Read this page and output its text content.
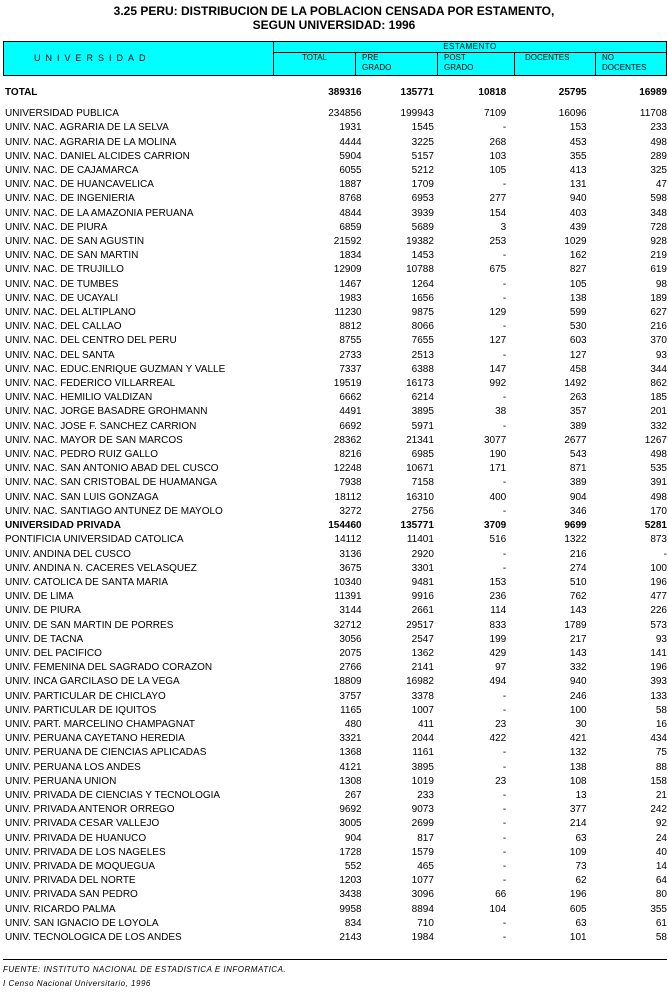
3.25 PERU: DISTRIBUCION DE LA POBLACION CENSADA POR ESTAMENTO,
SEGUN UNIVERSIDAD: 1996
UNIVERSIDAD
ESTAMENTO
TOTAL	PRE
GRADO
POST
GRADO
DOCENTES	NO
DOCENTES
TOTAL	389316	135771	10818	25795	16989

UNIVERSIDAD PUBLICA	234856	199943	7109	16096	11708
UNIV. NAC. AGRARIA DE LA SELVA	1931	1545	-	153	233
UNIV. NAC. AGRARIA DE LA MOLINA	4444	3225	268	453	498
UNIV. NAC. DANIEL ALCIDES CARRION	5904	5157	103	355	289
UNIV. NAC. DE CAJAMARCA	6055	5212	105	413	325
UNIV. NAC. DE HUANCAVELICA	1887	1709	-	131	47
UNIV. NAC. DE INGENIERIA	8768	6953	277	940	598
UNIV. NAC. DE LA AMAZONIA PERUANA	4844	3939	154	403	348
UNIV. NAC. DE PIURA	6859	5689	3	439	728
UNIV. NAC. DE SAN AGUSTIN	21592	19382	253	1029	928
UNIV. NAC. DE SAN MARTIN	1834	1453	-	162	219
UNIV. NAC. DE TRUJILLO	12909	10788	675	827	619
UNIV. NAC. DE TUMBES	1467	1264	-	105	98
UNIV. NAC. DE UCAYALI	1983	1656	-	138	189
UNIV. NAC. DEL ALTIPLANO	11230	9875	129	599	627
UNIV. NAC. DEL CALLAO	8812	8066	-	530	216
UNIV. NAC. DEL CENTRO DEL PERU	8755	7655	127	603	370
UNIV. NAC. DEL SANTA	2733	2513	-	127	93
UNIV. NAC. EDUC.ENRIQUE GUZMAN Y VALLE	7337	6388	147	458	344
UNIV. NAC. FEDERICO VILLARREAL	19519	16173	992	1492	862
UNIV. NAC. HEMILIO VALDIZAN	6662	6214	-	263	185
UNIV. NAC. JORGE BASADRE GROHMANN	4491	3895	38	357	201
UNIV. NAC. JOSE F. SANCHEZ CARRION	6692	5971	-	389	332
UNIV. NAC. MAYOR DE SAN MARCOS	28362	21341	3077	2677	1267
UNIV. NAC. PEDRO RUIZ GALLO	8216	6985	190	543	498
UNIV. NAC. SAN ANTONIO ABAD DEL CUSCO	12248	10671	171	871	535
UNIV. NAC. SAN CRISTOBAL DE HUAMANGA	7938	7158	-	389	391
UNIV. NAC. SAN LUIS GONZAGA	18112	16310	400	904	498
UNIV. NAC. SANTIAGO ANTUNEZ DE MAYOLO	3272	2756	-	346	170
UNIVERSIDAD PRIVADA	154460	135771	3709	9699	5281
PONTIFICIA UNIVERSIDAD CATOLICA	14112	11401	516	1322	873
UNIV. ANDINA DEL CUSCO	3136	2920	-	216	-
UNIV. ANDINA N. CACERES VELASQUEZ	3675	3301	-	274	100
UNIV. CATOLICA DE SANTA MARIA	10340	9481	153	510	196
UNIV. DE LIMA	11391	9916	236	762	477
UNIV. DE PIURA	3144	2661	114	143	226
UNIV. DE SAN MARTIN DE PORRES	32712	29517	833	1789	573
UNIV. DE TACNA	3056	2547	199	217	93
UNIV. DEL PACIFICO	2075	1362	429	143	141
UNIV. FEMENINA DEL SAGRADO CORAZON	2766	2141	97	332	196
UNIV. INCA GARCILASO DE LA VEGA	18809	16982	494	940	393
UNIV. PARTICULAR DE CHICLAYO	3757	3378	-	246	133
UNIV. PARTICULAR DE IQUITOS	1165	1007	-	100	58
UNIV. PART. MARCELINO CHAMPAGNAT	480	411	23	30	16
UNIV. PERUANA CAYETANO HEREDIA	3321	2044	422	421	434
UNIV. PERUANA DE CIENCIAS APLICADAS	1368	1161	-	132	75
UNIV. PERUANA LOS ANDES	4121	3895	-	138	88
UNIV. PERUANA UNION	1308	1019	23	108	158
UNIV. PRIVADA DE CIENCIAS Y TECNOLOGIA	267	233	-	13	21
UNIV. PRIVADA ANTENOR ORREGO	9692	9073	-	377	242
UNIV. PRIVADA CESAR VALLEJO	3005	2699	-	214	92
UNIV. PRIVADA DE HUANUCO	904	817	-	63	24
UNIV. PRIVADA DE LOS NAGELES	1728	1579	-	109	40
UNIV. PRIVADA DE MOQUEGUA	552	465	-	73	14
UNIV. PRIVADA DEL NORTE	1203	1077	-	62	64
UNIV. PRIVADA SAN PEDRO	3438	3096	66	196	80
UNIV. RICARDO PALMA	9958	8894	104	605	355
UNIV. SAN IGNACIO DE LOYOLA	834	710	-	63	61
UNIV. TECNOLOGICA DE LOS ANDES	2143	1984	-	101	58
FUENTE: INSTITUTO NACIONAL DE ESTADISTICA E INFORMATICA.
I Censo Nacional Universitario, 1996
